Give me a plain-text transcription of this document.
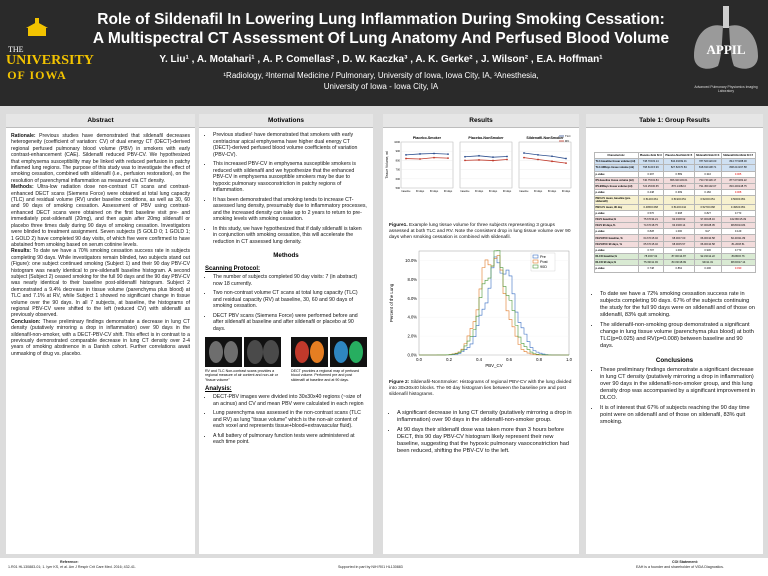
THE
UNIVERSITY
OF IOWA
Role of Sildenafil In Lowering Lung Inflammation During Smoking Cessation:
A Multispectral CT Assessment Of Lung Anatomy And Perfused Blood Volume
Y. Liu¹ , A. Motahari¹ , A. P. Comellas² , D. W. Kaczka³ , A. K. Gerke² , J. Wilson² , E.A. Hoffman¹
¹Radiology, ²Internal Medicine / Pulmonary, University of Iowa, Iowa City, IA, ³Anesthesia,
University of Iowa - Iowa City, IA
APPIL
Advanced Pulmonary Physiomics Imaging Laboratory
Abstract

Rationale: Previous studies have demonstrated that sildenafil decreases heterogeneity (coefficient of variation: CV) of dual energy CT (DECT)-derived regional perfused pulmonary blood volume (PBV) in smokers with early contrast-enhancement (CAE). Sildenafil reduced PBV-CV. We hypothesized that emphysema susceptibility may be linked with reduced perfusion in patchy inflamed lung regions. The purpose of this study was to investigate the effect of smoking cessation, combined with sildenafil (i.e., perfusion restoration), on the resolution of parenchymal inflammation as measured via CT density.

Methods: Ultra-low radiation dose non-contrast CT scans and contrast-enhanced DECT scans (Siemens Force) were obtained at total lung capacity (TLC) and residual volume (RV) under baseline conditions, as well as 30, 60 and 90 days of smoking cessation. Assessment of PBV using contrast-enhanced DECT scans were obtained on the first baseline visit pre- and immediately post-sildenafil (20mg), and then again after 20mg sildenafil or placebo three times daily during 90 days of smoking cessation. Investigators were blinded to treatment assignment. Seven subjects (5 GOLD 0; 1 GOLD 1; 1 GOLD 2) have completed 90 day visits, of which five were confirmed to have abstained from smoking based on serum cotinine levels.

Results: To date we have a 70% smoking cessation success rate in subjects completing 90 days. While investigators remain blinded, two subjects stand out (Figure): one subject continued smoking (Subject 1) and their 90 day PBV-CV histogram was nearly identical to pre-sildenafil baseline histogram. A second subject (Subject 2) ceased smoking for the full 90 days and the 90 day PBV-CV was nearly identical to their baseline post-sildenafil histogram. Subject 2 demonstrated a 9.4% decrease in tissue volume (parenchyma plus blood) at TLC and 7.1% at RV, while Subject 1 showed no significant change in tissue volume over the 90 days. In all 7 subjects, at baseline, the histograms of regional PBV-CV were shifted to the left (reduced CV) with sildenafil as previously observed.

Conclusion: These preliminary findings demonstrate a decrease in lung CT density (putatively mirroring a drop in inflammation) over 90 days in the sildenafil-non-smoker, with a DECT-PBV-CV shift. This effect is in contrast to a previously demonstrated comparable decrease in lung CT density over 2-4 years of smoking abstinence in a Danish cohort. Further correlations await unmasking of drug vs. placebo.

Motivations
• Previous studies¹ have demonstrated that smokers with early centriacinar apical emphysema have higher dual energy CT (DECT)-derived perfused blood volume coefficients of variation (PBV-CV).
• This increased PBV-CV in emphysema susceptible smokers is reduced with sildenafil and we hypothesize that the enhanced PBV-CV in emphysema susceptible smokers may be due to hypoxic pulmonary vasoconstriction in patchy regions of inflammation.
• It has been demonstrated that smoking tends to increase CT-assessed lung density, presumably due to inflammatory processes, and the increased density can take up to 2 years to return to pre-smoking levels with smoking cessation.
• In this study, we have hypothesized that if daily sildenafil is taken in conjunction with smoking cessation, this will accelerate the reduction in CT assessed lung density.
Methods
Scanning Protocol:
• The number of subjects completed 90 day visits: 7 (in abstract) now 18 currently.
• Two non-contrast volume CT scans at total lung capacity (TLC) and residual capacity (RV) at baseline, 30, 60 and 90 days of smoking cessation.
• DECT PBV scans (Siemens Force) were performed before and after sildenafil at baseline and after sildenafil or placebo at 90 days.
RV and TLC Non-contrast scans provides a regional measure of air content and non-air or "tissue volume"
DECT provides a regional map of perfused blood volume. Performed pre and post sildenafil at baseline and at 90 days.
Analysis:
• DECT-PBV images were divided into 30x30x40 regions (~size of an acinus) and CV and mean PBV were calculated in each region
• Lung parenchyma was assessed in the non-contrast scans (TLC and RV) as lung "tissue volume" which is the non-air content of each voxel and represents tissue+blood+extravascular fluid).
• A full battery of pulmonary function tests were administered at each time point.
Results
Tissue Volume, ml
Placebo-Smoker
500
600
700
800
900
1000
baseline 30 days	60 days	90 days
Placebo-NonSmoker
baseline 30 days	60 days	90 days
Sildenafil-NonSmoker
baseline 30 days	60 days	90 days
TLC
RV
Figure1. Example lung tissue volume for three subjects representing 3 groups assessed at both TLC and RV. Note the consistent drop in lung tissue volume over 90 days when smoking cessation is combined with sildenafil.
0.0%
2.0%
4.0%
6.0%
8.0%
10.0%
0.0	0.2	0.4	0.6	0.8	1.0
PBV_CV
Percent of the Lung
Pre
Post
90D
Figure 2: Sildenafil-NonSmoker: Histograms of regional PBV-CV with the lung divided into 30x30x40 blocks. The 90 day histogram lies between the baseline pre and post sildenafil histograms.
• A significant decrease in lung CT density (putatively mirroring a drop in inflammation) over 90 days in the sildenafil-non-smoker group.
• At 90 days their sildenafil dose was taken more than 3 hours before DECT, this 90 day PBV-CV histogram likely represent their new baseline, suggesting that the hypoxic pulmonary vasoconstriction had been reduced, shifting the PBV-CV to the left.
Table 1: Group Results
Characteristic	Placebo-Smk N=3	Placebo-NonSmk N=5	Sildenafil-Smk N=3	Sildenafil-NonSmk N=17
TLC-baseline tissue volume (ml)	738.70±33.14	844.49±99.31	787.52±120.00	844.77±188.00
TLC-90Days tissue volume (ml)	768.61±15.99	827.82±70.84	818.63±108.71	808.21±197.58
p-value	0.397	0.589	0.316	0.005
RV-baseline tissue volume (ml)	740.75±32.84	806.92±103.61	733.74±118.17	877.07±182.22
RV-90Days tissue volume (ml)	724.25±30.65	876.14±82.0	791.45±102.67	816.49±148.75
p-value	0.448	0.399	0.182	0.008
PBV-CV mean, baseline (pre-sildenafil)	0.512±0.061	0.519±0.051	0.522±0.051	0.509±0.051
PBV-CV mean, 90 day	0.495±0.068	0.512±0.044	0.527±0.068	0.496±0.051
p-value	0.576	0.908	0.827	0.773
FEV1 baseline,%	75.67±34.21	92.33±8.62	97.00±28.16	102.80±15.39
FEV1 90 days,%	74.67±18.75	93.33±8.14	97.00±28.05	98.80±13.84
p-value	0.828	1.000	NA*	0.129
FEV1/FVC baseline, %	64.67±15.02	68.00±7.00	66.00±10.58	82.40±11.89
FEV1/FVC 90 days, %	65.67±15.02	68.00±5.57	66.00±10.58	81.20±8.51
p-value	0.707	1.000	0.930	0.773
DLCO baseline,%	78.33±7.02	87.00±14.87	92.33±12.22	89.80±6.76
DLCO 90 days,%	75.33±11.93	83.33±18.99	94±11.31	98.60±17.14
p-value	0.748	0.862	0.200	0.030
• To date we have a 72% smoking cessation success rate in subjects completing 90 days. 67% of the subjects continuing the study for the full 90 days were on sildenafil and of those on sildenafil, 83% quit smoking.
• The sildenafil-non-smoking group demonstrated a significant change in lung tissue volume (parenchyma plus blood) at both TLC(p=0.025) and RV(p=0.008) between baseline and 90 days.
Conclusions
• These preliminary findings demonstrate a significant decrease in lung CT density (putatively mirroring a drop in inflammation) over 90 days in the sildenafil-non-smoker group, and this lung density drop was accompanied by a significant improvement in DLCO.
• It is of interest that 67% of subjects reaching the 90 day time point were on sildenafil and of those on sildenafil, 83% quit smoking.
Reference:
1.R01 HL130883-01; 1. Iyer KS, et al. Am J Respir Crit Care Med. 2016; 432-41.	Supported in part by NIH R01 HL130883
COI Statement:
EAH is a founder and shareholder of VIDA Diagnostics.
